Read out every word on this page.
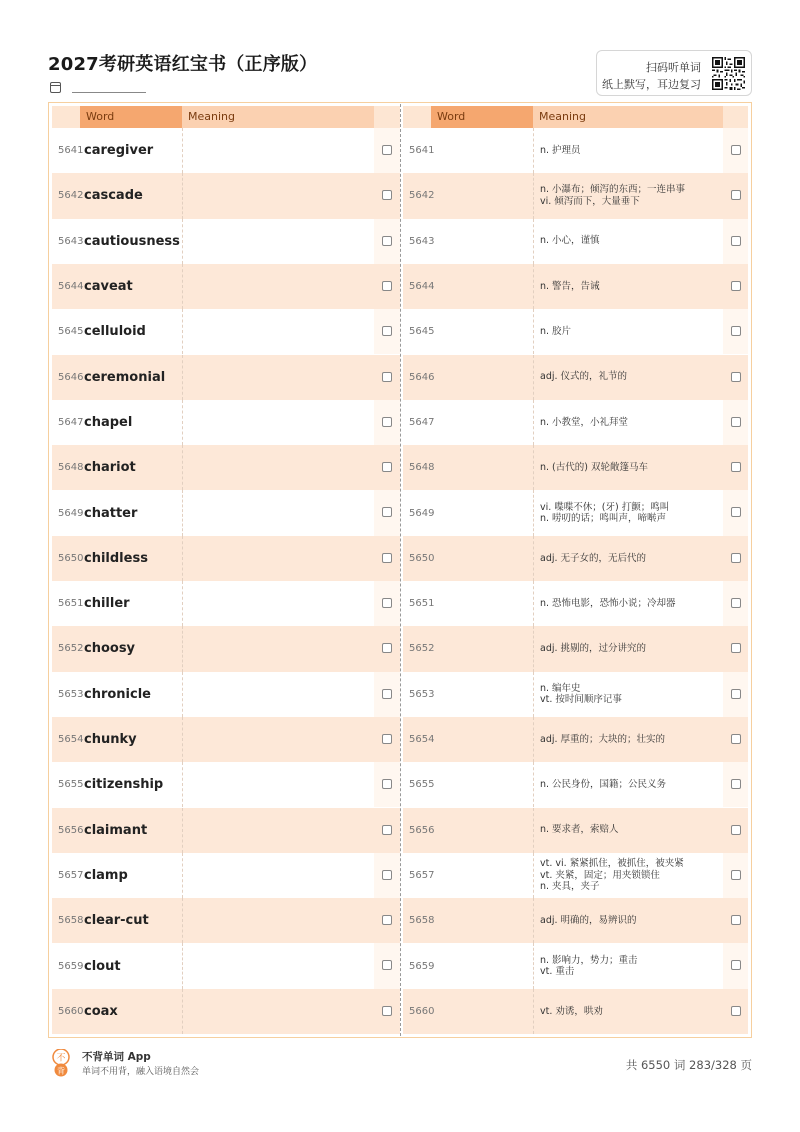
2027考研英语红宝书（正序版）	扫码听单词
纸上默写，耳边复习
Word	Meaning	Word	Meaning
5641 caregiver	5641	n. 护理员
5642 cascade	5642
n. 小瀑布；倾泻的东西；一连串事
vi. 倾泻而下，大量垂下
5643 cautiousness	5643	n. 小心，谨慎
5644 caveat	5644	n. 警告，告诫
5645 celluloid	5645	n. 胶片
5646 ceremonial	5646	adj. 仪式的，礼节的
5647 chapel	5647	n. 小教堂，小礼拜堂
5648 chariot	5648	n. (古代的) 双轮敞篷马车
5649 chatter	5649
vi. 喋喋不休；(牙) 打颤；鸣叫
n. 唠叨的话；鸣叫声，啼啭声
5650 childless	5650	adj. 无子女的，无后代的
5651 chiller	5651	n. 恐怖电影，恐怖小说；冷却器
5652 choosy	5652	adj. 挑剔的，过分讲究的
5653 chronicle	5653
n. 编年史
vt. 按时间顺序记事
5654 chunky	5654	adj. 厚重的；大块的；壮实的
5655 citizenship	5655	n. 公民身份，国籍；公民义务
5656 claimant	5656	n. 要求者，索赔人
5657 clamp	5657
vt. vi. 紧紧抓住，被抓住，被夹紧
vt. 夹紧，固定；用夹锁锁住
n. 夹具，夹子
5658 clear-cut	5658	adj. 明确的，易辨识的
5659 clout	5659
n. 影响力，势力；重击
vt. 重击
5660 coax	5660	vt. 劝诱，哄劝
不
背
不背单词 App
单词不用背，融入语境自然会	共 6550 词 283/328 页
